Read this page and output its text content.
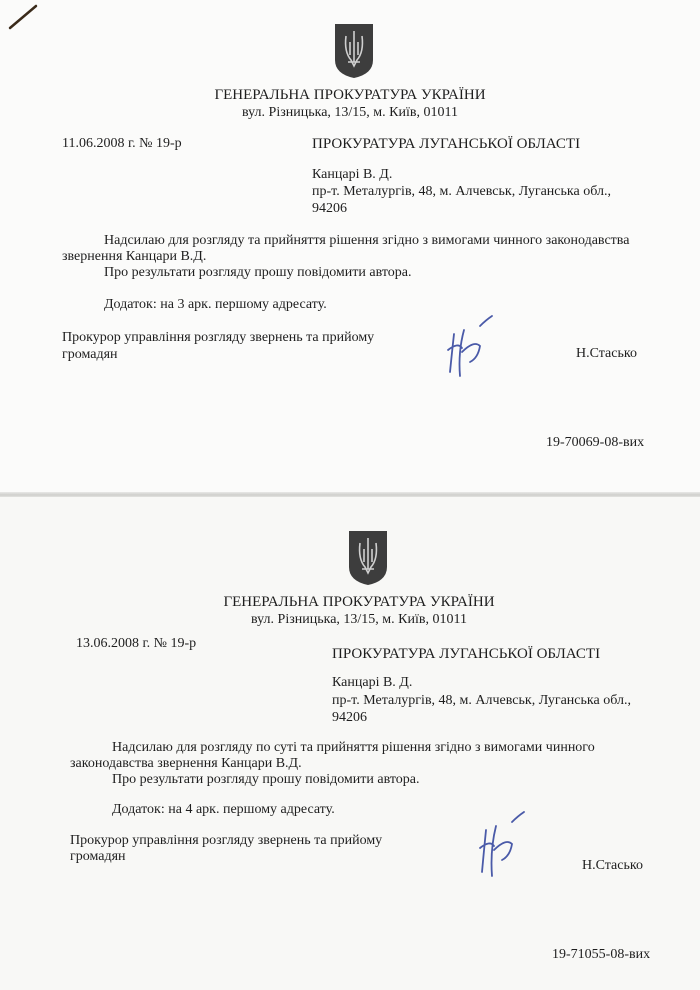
ГЕНЕРАЛЬНА ПРОКУРАТУРА УКРАЇНИ
вул. Різницька, 13/15, м. Київ, 01011
11.06.2008 г. № 19-р	ПРОКУРАТУРА ЛУГАНСЬКОЇ ОБЛАСТІ
Канцарі В. Д.
пр-т. Металургів, 48, м. Алчевськ, Луганська обл.,
94206
Надсилаю для розгляду та прийняття рішення згідно з вимогами чинного законодавства
звернення Канцари В.Д.
Про результати розгляду прошу повідомити автора.
Додаток: на 3 арк. першому адресату.
Прокурор управління розгляду звернень та прийому
громадян	Н.Стасько
19-70069-08-вих
ГЕНЕРАЛЬНА ПРОКУРАТУРА УКРАЇНИ
вул. Різницька, 13/15, м. Київ, 01011
13.06.2008 г. № 19-р
ПРОКУРАТУРА ЛУГАНСЬКОЇ ОБЛАСТІ
Канцарі В. Д.
пр-т. Металургів, 48, м. Алчевськ, Луганська обл.,
94206
Надсилаю для розгляду по суті та прийняття рішення згідно з вимогами чинного
законодавства звернення Канцари В.Д.
Про результати розгляду прошу повідомити автора.
Додаток: на 4 арк. першому адресату.
Прокурор управління розгляду звернень та прийому
громадян
Н.Стасько
19-71055-08-вих
